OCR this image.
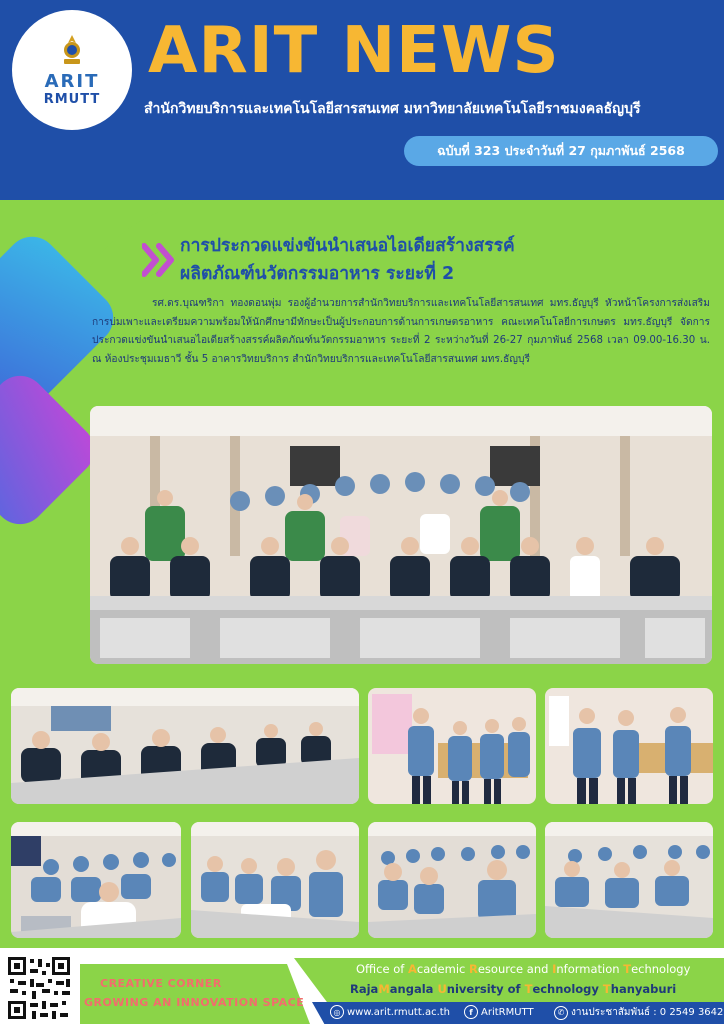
ARIT
RMUTT
ARIT NEWS
สำนักวิทยบริการและเทคโนโลยีสารสนเทศ มหาวิทยาลัยเทคโนโลยีราชมงคลธัญบุรี
ฉบับที่ 323 ประจำวันที่ 27 กุมภาพันธ์ 2568
การประกวดแข่งขันนำเสนอไอเดียสร้างสรรค์
ผลิตภัณฑ์นวัตกรรมอาหาร ระยะที่ 2
รศ.ดร.บุณฑริกา ทองดอนพุ่ม รองผู้อำนวยการสำนักวิทยบริการและเทคโนโลยีสารสนเทศ มทร.ธัญบุรี หัวหน้าโครงการส่งเสริมการบ่มเพาะและเตรียมความพร้อมให้นักศึกษามีทักษะเป็นผู้ประกอบการด้านการเกษตรอาหาร คณะเทคโนโลยีการเกษตร มทร.ธัญบุรี จัดการประกวดแข่งขันนำเสนอไอเดียสร้างสรรค์ผลิตภัณฑ์นวัตกรรมอาหาร ระยะที่ 2 ระหว่างวันที่ 26-27 กุมภาพันธ์ 2568 เวลา 09.00-16.30 น. ณ ห้องประชุมเมธาวี ชั้น 5 อาคารวิทยบริการ สำนักวิทยบริการและเทคโนโลยีสารสนเทศ มทร.ธัญบุรี
CREATIVE CORNER
GROWING AN INNOVATION SPACE
Office of Academic Resource and Information Technology
RajaMangala University of Technology Thanyaburi
◎ www.arit.rmutt.ac.th	f AritRMUTT	✆ งานประชาสัมพันธ์ : 0 2549 3642
